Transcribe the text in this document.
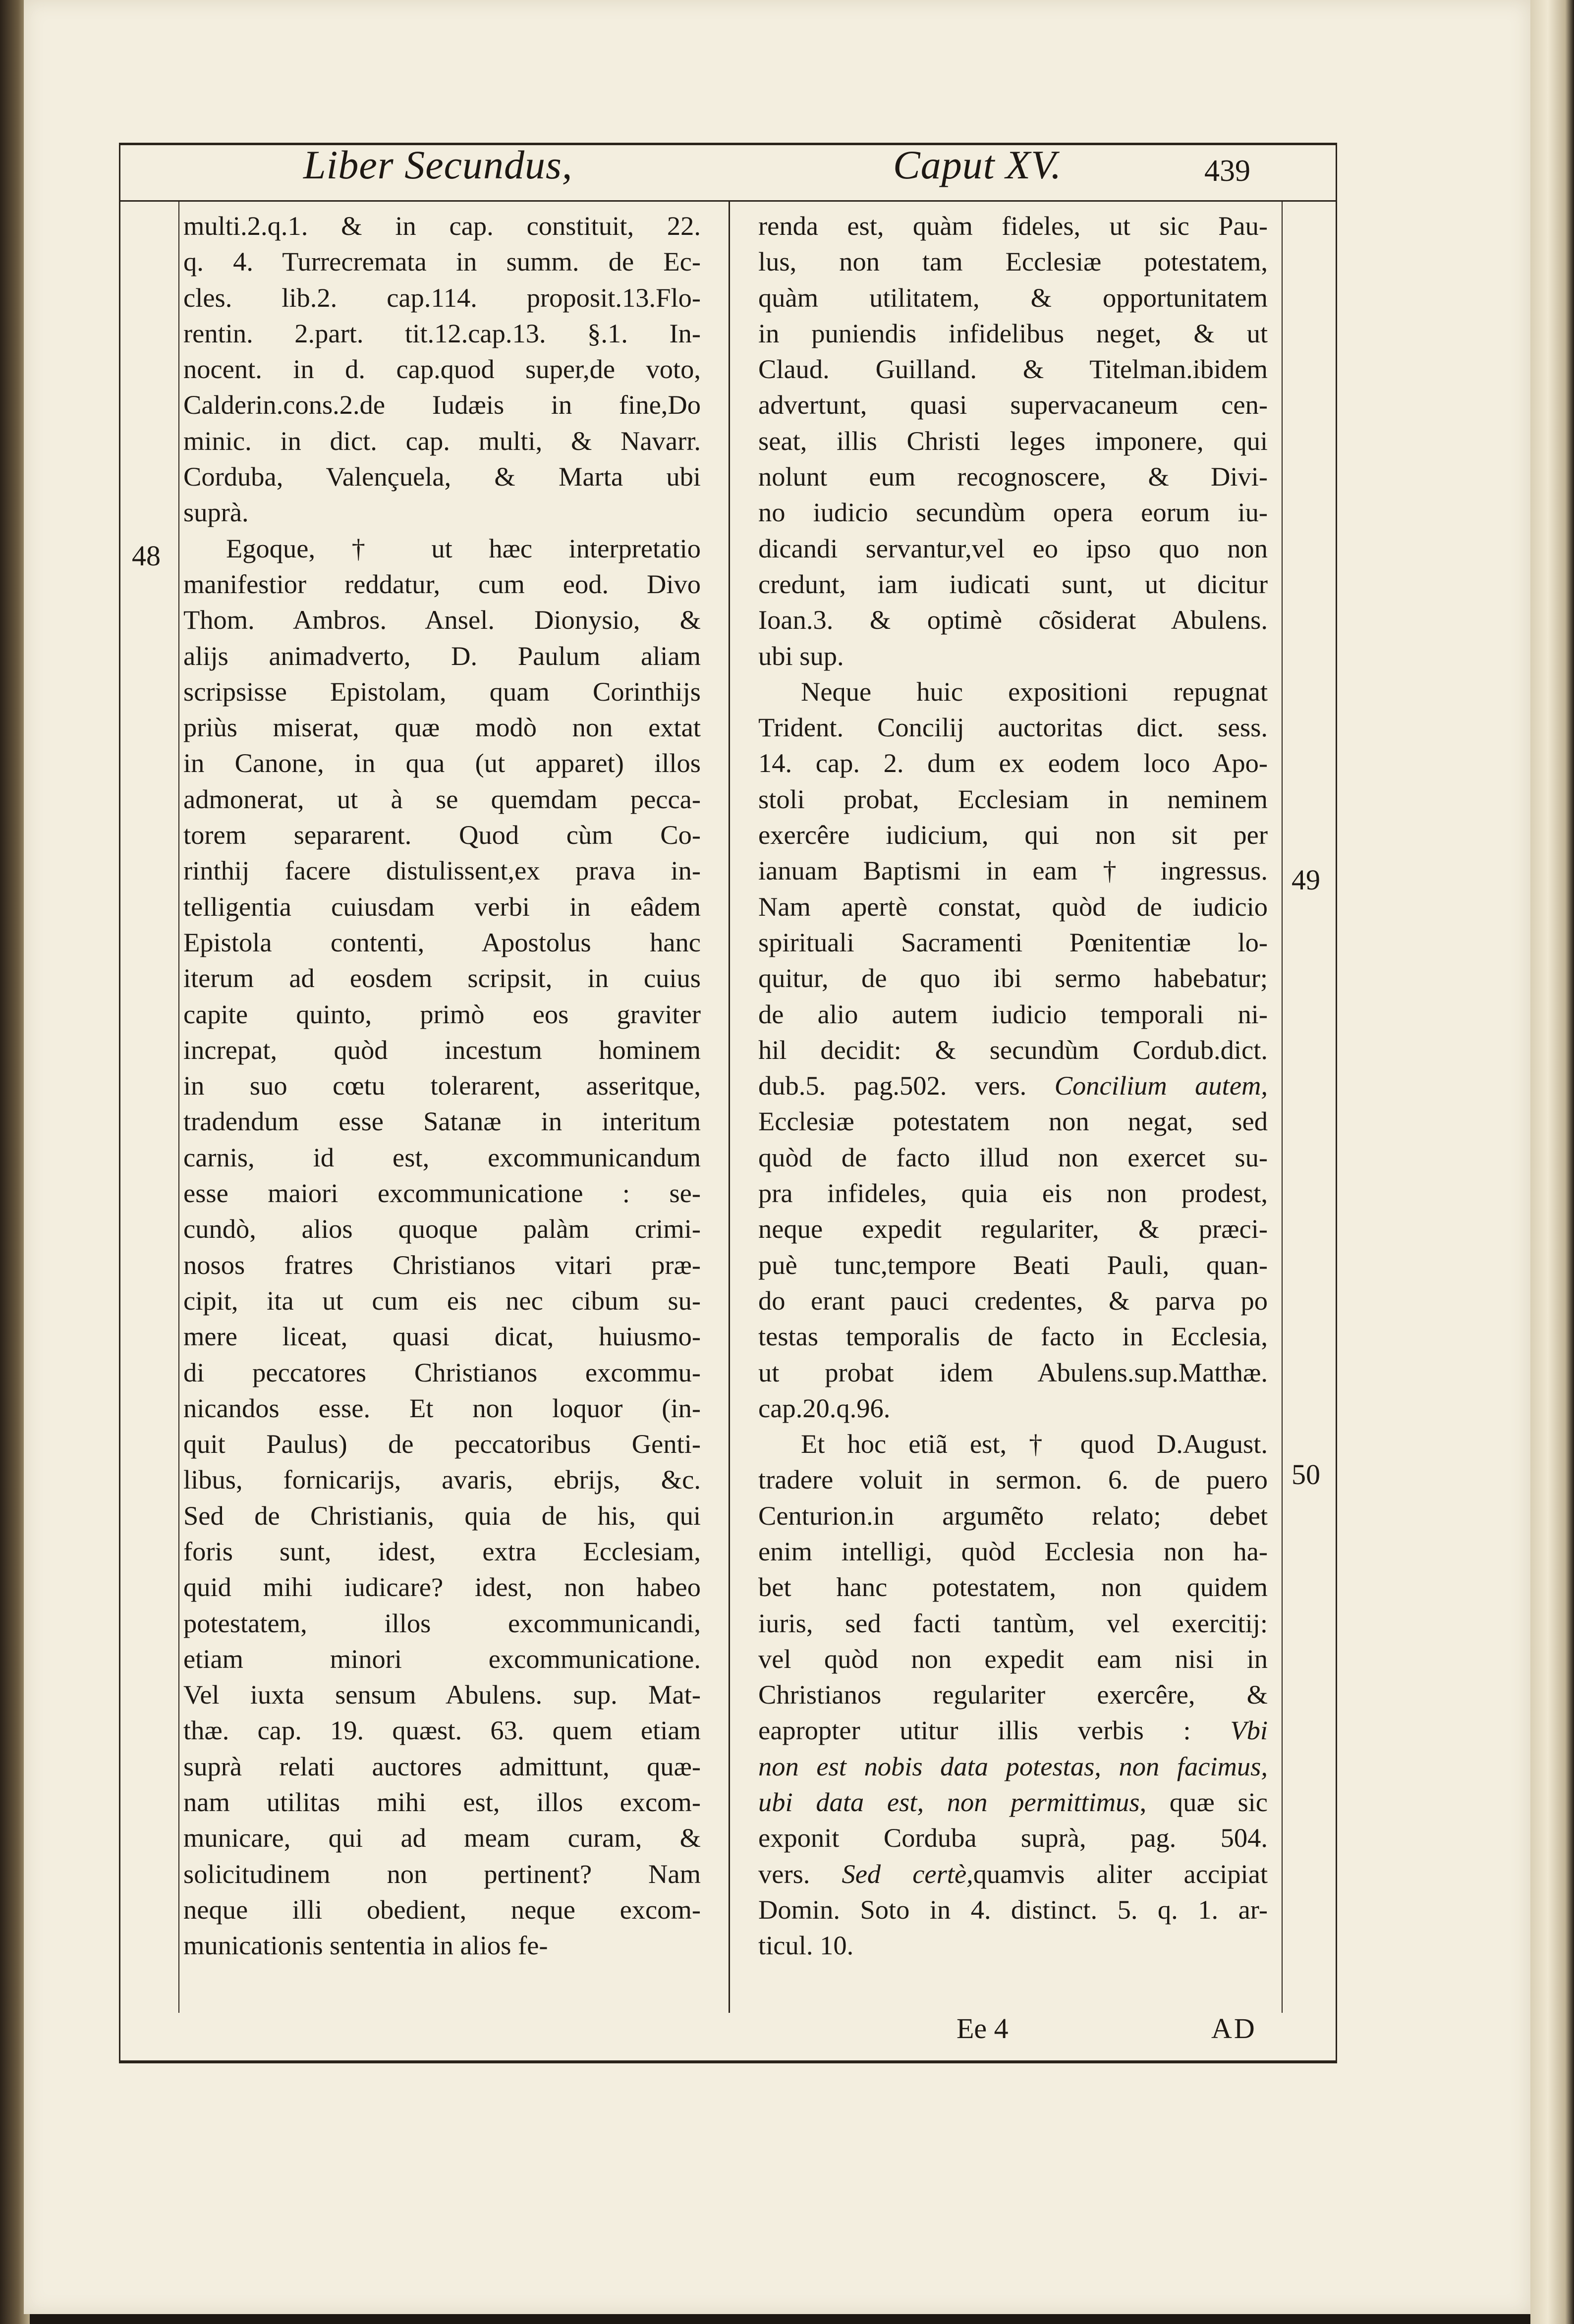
Liber Secundus,	Caput XV.	439
48
49
50
multi.2.q.1. & in cap. constituit, 22.
q. 4. Turrecremata in summ. de Ec-
cles. lib.2. cap.114. proposit.13.Flo-
rentin. 2.part. tit.12.cap.13. §.1. In-
nocent. in d. cap.quod super,de voto,
Calderin.cons.2.de Iudæis in fine,Do
minic. in dict. cap. multi, & Navarr.
Corduba, Valençuela, & Marta ubi
suprà.
Egoque, † ut hæc interpretatio
manifestior reddatur, cum eod. Divo
Thom. Ambros. Ansel. Dionysio, &
alijs animadverto, D. Paulum aliam
scripsisse Epistolam, quam Corinthijs
priùs miserat, quæ modò non extat
in Canone, in qua (ut apparet) illos
admonerat, ut à se quemdam pecca-
torem separarent. Quod cùm Co-
rinthij facere distulissent,ex prava in-
telligentia cuiusdam verbi in eâdem
Epistola contenti, Apostolus hanc
iterum ad eosdem scripsit, in cuius
capite quinto, primò eos graviter
increpat, quòd incestum hominem
in suo cœtu tolerarent, asseritque,
tradendum esse Satanæ in interitum
carnis, id est, excommunicandum
esse maiori excommunicatione : se-
cundò, alios quoque palàm crimi-
nosos fratres Christianos vitari præ-
cipit, ita ut cum eis nec cibum su-
mere liceat, quasi dicat, huiusmo-
di peccatores Christianos excommu-
nicandos esse. Et non loquor (in-
quit Paulus) de peccatoribus Genti-
libus, fornicarijs, avaris, ebrijs, &c.
Sed de Christianis, quia de his, qui
foris sunt, idest, extra Ecclesiam,
quid mihi iudicare? idest, non habeo
potestatem, illos excommunicandi,
etiam minori excommunicatione.
Vel iuxta sensum Abulens. sup. Mat-
thæ. cap. 19. quæst. 63. quem etiam
suprà relati auctores admittunt, quæ-
nam utilitas mihi est, illos excom-
municare, qui ad meam curam, &
solicitudinem non pertinent? Nam
neque illi obedient, neque excom-
municationis sententia in alios fe-
renda est, quàm fideles, ut sic Pau-
lus, non tam Ecclesiæ potestatem,
quàm utilitatem, & opportunitatem
in puniendis infidelibus neget, & ut
Claud. Guilland. & Titelman.ibidem
advertunt, quasi supervacaneum cen-
seat, illis Christi leges imponere, qui
nolunt eum recognoscere, & Divi-
no iudicio secundùm opera eorum iu-
dicandi servantur,vel eo ipso quo non
credunt, iam iudicati sunt, ut dicitur
Ioan.3. & optimè cõsiderat Abulens.
ubi sup.
Neque huic expositioni repugnat
Trident. Concilij auctoritas dict. sess.
14. cap. 2. dum ex eodem loco Apo-
stoli probat, Ecclesiam in neminem
exercêre iudicium, qui non sit per
ianuam Baptismi in eam † ingressus.
Nam apertè constat, quòd de iudicio
spirituali Sacramenti Pœnitentiæ lo-
quitur, de quo ibi sermo habebatur;
de alio autem iudicio temporali ni-
hil decidit: & secundùm Cordub.dict.
dub.5. pag.502. vers. Concilium autem,
Ecclesiæ potestatem non negat, sed
quòd de facto illud non exercet su-
pra infideles, quia eis non prodest,
neque expedit regulariter, & præci-
puè tunc,tempore Beati Pauli, quan-
do erant pauci credentes, & parva po
testas temporalis de facto in Ecclesia,
ut probat idem Abulens.sup.Matthæ.
cap.20.q.96.
Et hoc etiã est, † quod D.August.
tradere voluit in sermon. 6. de puero
Centurion.in argumẽto relato; debet
enim intelligi, quòd Ecclesia non ha-
bet hanc potestatem, non quidem
iuris, sed facti tantùm, vel exercitij:
vel quòd non expedit eam nisi in
Christianos regulariter exercêre, &
eapropter utitur illis verbis : Vbi
non est nobis data potestas, non facimus,
ubi data est, non permittimus, quæ sic
exponit Corduba suprà, pag. 504.
vers. Sed certè,quamvis aliter accipiat
Domin. Soto in 4. distinct. 5. q. 1. ar-
ticul. 10.
Ee 4	AD
